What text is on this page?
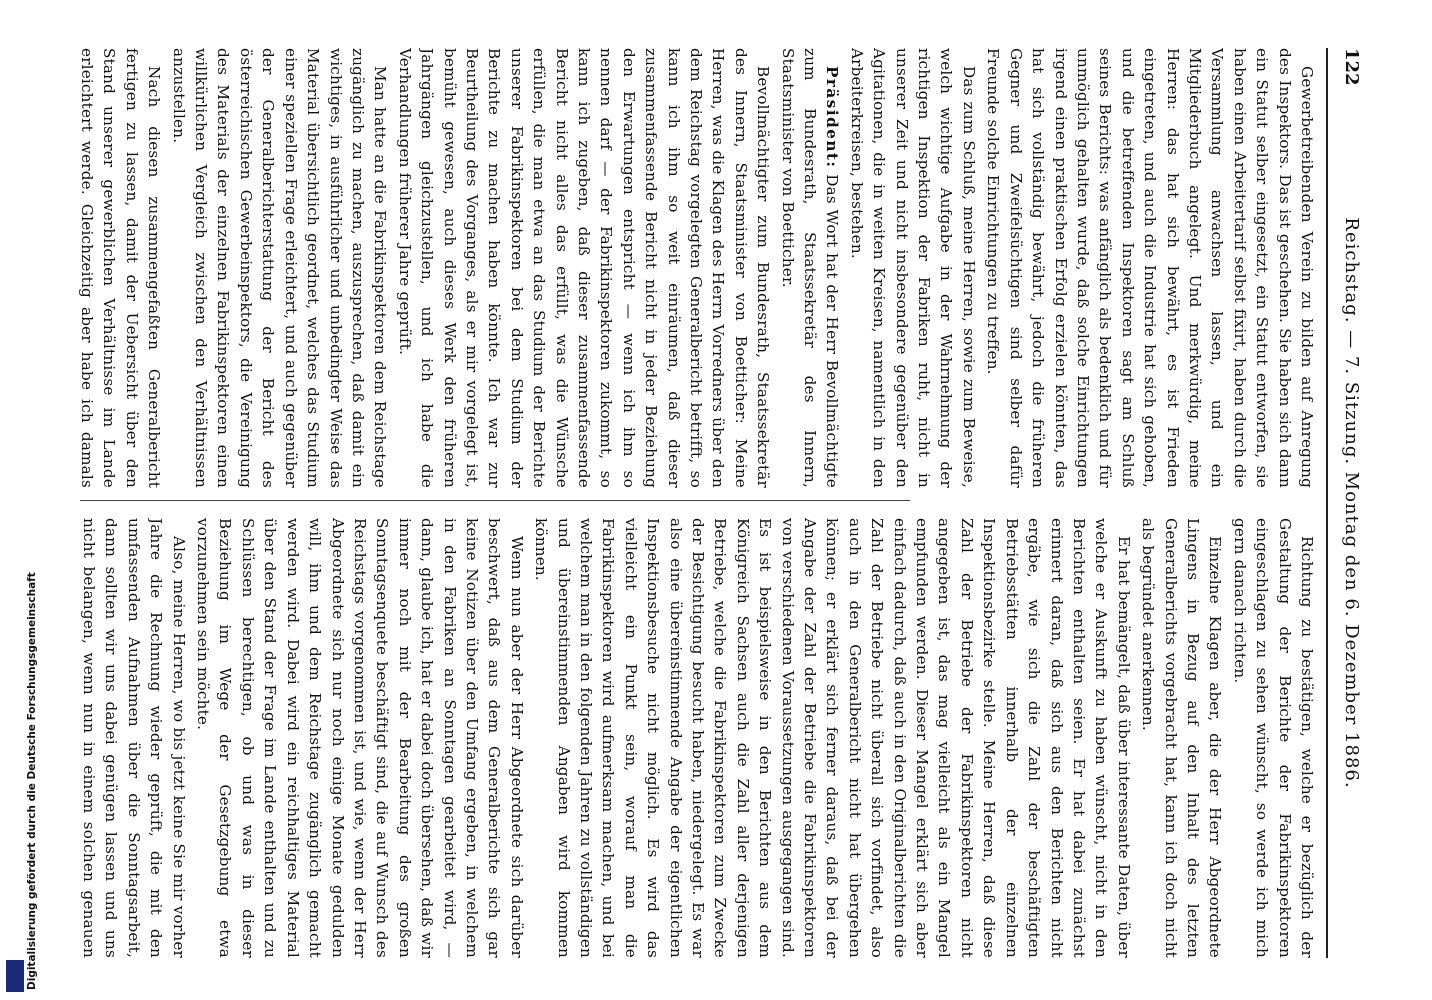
122
Reichstag. — 7. Sitzung. Montag den 6. Dezember 1886.

Gewerbetreibenden Verein zu bilden auf Anregung des Inspektors. Das ist geschehen. Sie haben sich dann ein Statut selber eingesetzt, ein Statut entworfen, sie haben einen Arbeitertarif selbst fixirt, haben durch die Versammlung anwachsen lassen, und ein Mitgliederbuch angelegt. Und merkwürdig, meine Herren: das hat sich bewährt, es ist Frieden eingetreten, und auch die Industrie hat sich gehoben, und die betreffenden Inspektoren sagt am Schluß seines Berichts: was anfänglich als bedenklich und für unmöglich gehalten wurde, daß solche Einrichtungen irgend einen praktischen Erfolg erzielen könnten, das hat sich vollständig bewährt, jedoch die früheren Gegner und Zweifelsüchtigen sind selber dafür Freunde solche Einrichtungen zu treffen.

Das zum Schluß, meine Herren, sowie zum Beweise, welch wichtige Aufgabe in der Wahrnehmung der richtigen Inspektion der Fabriken ruht, nicht in unserer Zeit und nicht insbesondere gegenüber den Agitationen, die in weiten Kreisen, namentlich in den Arbeiterkreisen, bestehen.

Präsident: Das Wort hat der Herr Bevollmächtigte zum Bundesrath, Staatssekretär des Innern, Staatsminister von Boetticher.

Bevollmächtigter zum Bundesrath, Staatssekretär des Innern, Staatsminister von Boetticher: Meine Herren, was die Klagen des Herrn Vorredners über den dem Reichstag vorgelegten Generalbericht betrifft, so kann ich ihm so weit einräumen, daß dieser zusammenfassende Bericht nicht in jeder Beziehung den Erwartungen entspricht — wenn ich ihm so nennen darf — der Fabrikinspektoren zukommt, so kann ich zugeben, daß dieser zusammenfassende Bericht nicht alles das erfüllt, was die Wünsche erfüllen, die man etwa an das Studium der Berichte unserer Fabrikinspektoren bei dem Studium der Berichte zu machen haben könnte. Ich war zur Beurtheilung des Vorganges, als er mir vorgelegt ist, bemüht gewesen, auch dieses Werk den früheren Jahrgängen gleichzustellen, und ich habe die Verhandlungen früherer Jahre geprüft.

Man hatte an die Fabrikinspektoren dem Reichstage zugänglich zu machen, auszusprechen, daß damit ein wichtiges, in ausführlicher und unbedingter Weise das Material übersichtlich geordnet, welches das Studium einer speziellen Frage erleichtert, und auch gegenüber der Generalberichterstattung der Bericht des österreichischen Gewerbeinspektors, die Vereinigung des Materials der einzelnen Fabrikinspektoren einen willkürlichen Vergleich zwischen den Verhältnissen anzustellen.

Nach diesen zusammengefaßten Generalbericht fertigen zu lassen, damit der Uebersicht über den Stand unserer gewerblichen Verhältnisse im Lande erleichtert werde. Gleichzeitig aber habe ich damals

Richtung zu bestätigen, welche er bezüglich der Gestaltung der Berichte der Fabrikinspektoren eingeschlagen zu sehen wünscht, so werde ich mich gern danach richten.

Einzelne Klagen aber, die der Herr Abgeordnete Lingens in Bezug auf den Inhalt des letzten Generalberichts vorgebracht hat, kann ich doch nicht als begründet anerkennen.

Er hat bemängelt, daß über interessante Daten, über welche er Auskunft zu haben wünscht, nicht in den Berichten enthalten seien. Er hat dabei zunächst erinnert daran, daß sich aus den Berichten nicht ergäbe, wie sich die Zahl der beschäftigten Betriebsstätten innerhalb der einzelnen Inspektionsbezirke stelle. Meine Herren, daß diese Zahl der Betriebe der Fabrikinspektoren nicht angegeben ist, das mag vielleicht als ein Mangel empfunden werden. Dieser Mangel erklärt sich aber einfach dadurch, daß auch in den Originalberichten die Zahl der Betriebe nicht überall sich vorfindet, also auch in den Generalbericht nicht hat übergehen können; er erklärt sich ferner daraus, daß bei der Angabe der Zahl der Betriebe die Fabrikinspektoren von verschiedenen Voraussetzungen ausgegangen sind. Es ist beispielsweise in den Berichten aus dem Königreich Sachsen auch die Zahl aller derjenigen Betriebe, welche die Fabrikinspektoren zum Zwecke der Besichtigung besucht haben, niedergelegt. Es war also eine übereinstimmende Angabe der eigentlichen Inspektionsbesuche nicht möglich. Es wird das vielleicht ein Punkt sein, worauf man die Fabrikinspektoren wird aufmerksam machen, und bei welchem man in den folgenden Jahren zu vollständigen und übereinstimmenden Angaben wird kommen können.

Wenn nun aber der Herr Abgeordnete sich darüber beschwert, daß aus dem Generalberichte sich gar keine Notizen über den Umfang ergeben, in welchem in den Fabriken an Sonntagen gearbeitet wird, — dann, glaube ich, hat er dabei doch übersehen, daß wir immer noch mit der Bearbeitung des großen Sonntagsenquete beschäftigt sind, die auf Wunsch des Reichstags vorgenommen ist, und wie, wenn der Herr Abgeordnete sich nur noch einige Monate gedulden will, ihm und dem Reichstage zugänglich gemacht werden wird. Dabei wird ein reichhaltiges Material über den Stand der Frage im Lande enthalten und zu Schlüssen berechtigen, ob und was in dieser Beziehung im Wege der Gesetzgebung etwa vorzunehmen sein möchte.

Also, meine Herren, wo bis jetzt keine Sie mir vorher Jahre die Rechnung wieder geprüft, die mit den umfassenden Aufnahmen über die Sonntagsarbeit, dann sollten wir uns dabei genügen lassen und uns nicht belangen, wenn nun in einem solchen genauen

Digitalisierung gefördert durch die Deutsche Forschungsgemeinschaft
